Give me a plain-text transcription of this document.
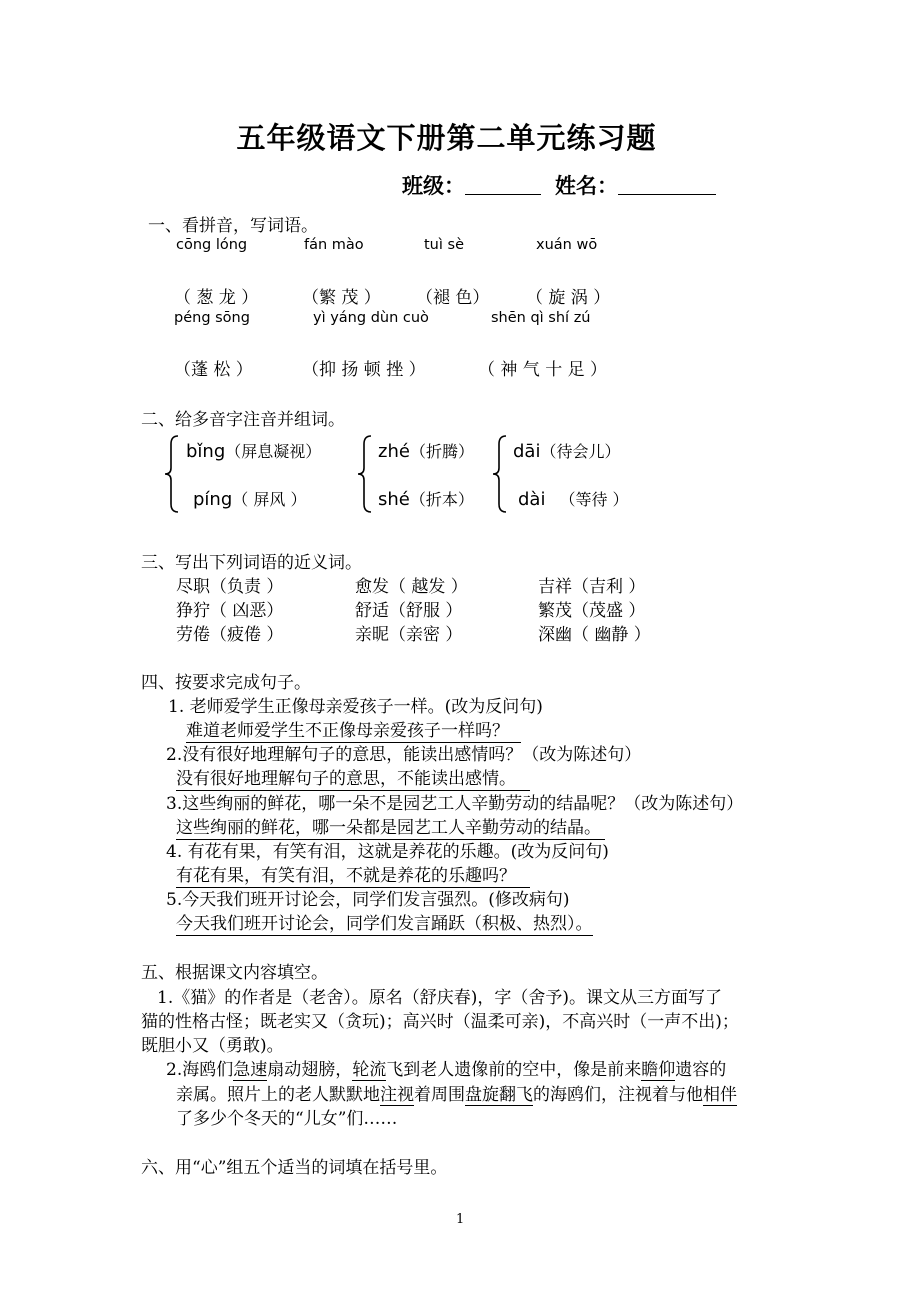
五年级语文下册第二单元练习题
班级：	姓名：
一、看拼音，写词语。
cōng lóng	fán mào	tuì sè	xuán wō
（ 葱 龙 ）	（繁 茂 ） （褪 色） （ 旋 涡 ）
péng sōng	yì yáng dùn cuò	shēn qì shí zú
（蓬 松 ）	（抑 扬 顿 挫 ）	（ 神 气 十 足 ）
二、给多音字注音并组词。
bǐng（屏息凝视）
píng（ 屏风 ）
zhé（折腾）
shé（折本）
dāi（待会儿）
dài （等待 ）
三、写出下列词语的近义词。
尽职（负责 ）	愈发（ 越发 ）	吉祥（吉利 ）
狰狞（ 凶恶）	舒适（舒服 ）	繁茂（茂盛 ）
劳倦（疲倦 ）	亲昵（亲密 ）	深幽（ 幽静 ）
四、按要求完成句子。
1. 老师爱学生正像母亲爱孩子一样。(改为反问句)
难道老师爱学生不正像母亲爱孩子一样吗？
2.没有很好地理解句子的意思，能读出感情吗？（改为陈述句）
没有很好地理解句子的意思，不能读出感情。
3.这些绚丽的鲜花，哪一朵不是园艺工人辛勤劳动的结晶呢？（改为陈述句）
这些绚丽的鲜花，哪一朵都是园艺工人辛勤劳动的结晶。
4. 有花有果，有笑有泪，这就是养花的乐趣。(改为反问句)
有花有果，有笑有泪，不就是养花的乐趣吗？
5.今天我们班开讨论会，同学们发言强烈。(修改病句)
今天我们班开讨论会，同学们发言踊跃（积极、热烈）。
五、根据课文内容填空。
1.《猫》的作者是（老舍）。原名（舒庆春)，字（舍予)。课文从三方面写了
猫的性格古怪；既老实又（贪玩)；高兴时（温柔可亲)，不高兴时（一声不出)；
既胆小又（勇敢)。
2.海鸥们急速扇动翅膀，轮流飞到老人遗像前的空中，像是前来瞻仰遗容的
亲属。照片上的老人默默地注视着周围盘旋翻飞的海鸥们，注视着与他相伴
了多少个冬天的“儿女”们……
六、用“心”组五个适当的词填在括号里。
1
